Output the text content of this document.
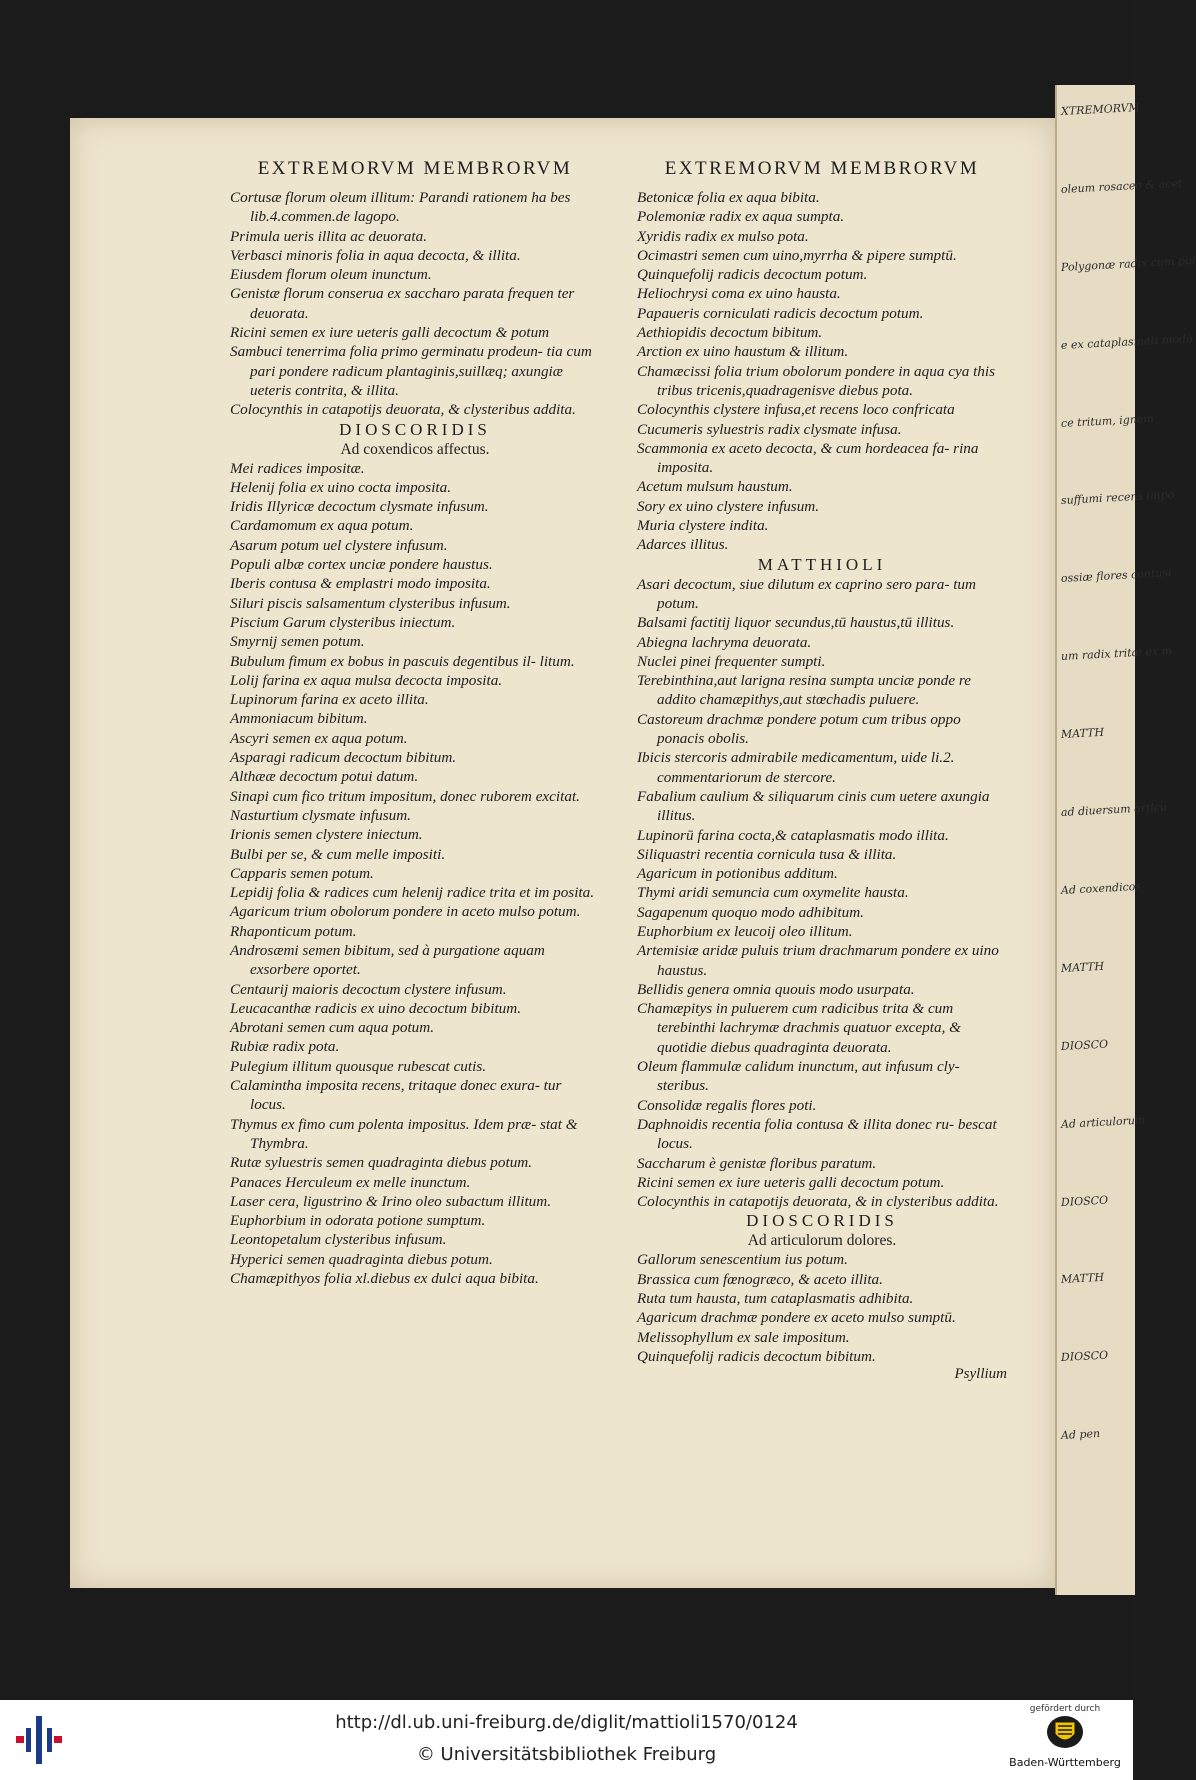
EXTREMORVM MEMBRORVM
Cortusæ florum oleum illitum: Parandi rationem ha bes lib.4.commen.de lagopo.
Primula ueris illita ac deuorata.
Verbasci minoris folia in aqua decocta, & illita.
Eiusdem florum oleum inunctum.
Genistæ florum conserua ex saccharo parata frequen ter deuorata.
Ricini semen ex iure ueteris galli decoctum & potum
Sambuci tenerrima folia primo germinatu prodeun- tia cum pari pondere radicum plantaginis,suillæq; axungiæ ueteris contrita, & illita.
Colocynthis in catapotijs deuorata, & clysteribus addita.
DIOSCORIDIS
Ad coxendicos affectus.
Mei radices impositæ.
Helenij folia ex uino cocta imposita.
Iridis Illyricæ decoctum clysmate infusum.
Cardamomum ex aqua potum.
Asarum potum uel clystere infusum.
Populi albæ cortex unciæ pondere haustus.
Iberis contusa & emplastri modo imposita.
Siluri piscis salsamentum clysteribus infusum.
Piscium Garum clysteribus iniectum.
Smyrnij semen potum.
Bubulum fimum ex bobus in pascuis degentibus il- litum.
Lolij farina ex aqua mulsa decocta imposita.
Lupinorum farina ex aceto illita.
Ammoniacum bibitum.
Ascyri semen ex aqua potum.
Asparagi radicum decoctum bibitum.
Althææ decoctum potui datum.
Sinapi cum fico tritum impositum, donec ruborem excitat.
Nasturtium clysmate infusum.
Irionis semen clystere iniectum.
Bulbi per se, & cum melle impositi.
Capparis semen potum.
Lepidij folia & radices cum helenij radice trita et im posita.
Agaricum trium obolorum pondere in aceto mulso potum.
Rhaponticum potum.
Androsæmi semen bibitum, sed à purgatione aquam exsorbere oportet.
Centaurij maioris decoctum clystere infusum.
Leucacanthæ radicis ex uino decoctum bibitum.
Abrotani semen cum aqua potum.
Rubiæ radix pota.
Pulegium illitum quousque rubescat cutis.
Calamintha imposita recens, tritaque donec exura- tur locus.
Thymus ex fimo cum polenta impositus. Idem præ- stat & Thymbra.
Rutæ syluestris semen quadraginta diebus potum.
Panaces Herculeum ex melle inunctum.
Laser cera, ligustrino & Irino oleo subactum illitum.
Euphorbium in odorata potione sumptum.
Leontopetalum clysteribus infusum.
Hyperici semen quadraginta diebus potum.
Chamæpithyos folia xl.diebus ex dulci aqua bibita.
EXTREMORVM MEMBRORVM
Betonicæ folia ex aqua bibita.
Polemoniæ radix ex aqua sumpta.
Xyridis radix ex mulso pota.
Ocimastri semen cum uino,myrrha & pipere sumptū.
Quinquefolij radicis decoctum potum.
Heliochrysi coma ex uino hausta.
Papaueris corniculati radicis decoctum potum.
Aethiopidis decoctum bibitum.
Arction ex uino haustum & illitum.
Chamæcissi folia trium obolorum pondere in aqua cya this tribus tricenis,quadragenisve diebus pota.
Colocynthis clystere infusa,et recens loco confricata
Cucumeris syluestris radix clysmate infusa.
Scammonia ex aceto decocta, & cum hordeacea fa- rina imposita.
Acetum mulsum haustum.
Sory ex uino clystere infusum.
Muria clystere indita.
Adarces illitus.
MATTHIOLI
Asari decoctum, siue dilutum ex caprino sero para- tum potum.
Balsami factitij liquor secundus,tū haustus,tū illitus.
Abiegna lachryma deuorata.
Nuclei pinei frequenter sumpti.
Terebinthina,aut larigna resina sumpta unciæ ponde re addito chamæpithys,aut stœchadis puluere.
Castoreum drachmæ pondere potum cum tribus oppo ponacis obolis.
Ibicis stercoris admirabile medicamentum, uide li.2. commentariorum de stercore.
Fabalium caulium & siliquarum cinis cum uetere axungia illitus.
Lupinorū farina cocta,& cataplasmatis modo illita.
Siliquastri recentia cornicula tusa & illita.
Agaricum in potionibus additum.
Thymi aridi semuncia cum oxymelite hausta.
Sagapenum quoquo modo adhibitum.
Euphorbium ex leucoij oleo illitum.
Artemisiæ aridæ puluis trium drachmarum pondere ex uino haustus.
Bellidis genera omnia quouis modo usurpata.
Chamæpitys in puluerem cum radicibus trita & cum terebinthi lachrymæ drachmis quatuor excepta, & quotidie diebus quadraginta deuorata.
Oleum flammulæ calidum inunctum, aut infusum cly- steribus.
Consolidæ regalis flores poti.
Daphnoidis recentia folia contusa & illita donec ru- bescat locus.
Saccharum è genistæ floribus paratum.
Ricini semen ex iure ueteris galli decoctum potum.
Colocynthis in catapotijs deuorata, & in clysteribus addita.
DIOSCORIDIS
Ad articulorum dolores.
Gallorum senescentium ius potum.
Brassica cum fœnogræco, & aceto illita.
Ruta tum hausta, tum cataplasmatis adhibita.
Agaricum drachmæ pondere ex aceto mulso sumptū.
Melissophyllum ex sale impositum.
Quinquefolij radicis decoctum bibitum.
Psyllium
XTREMORVM
oleum rosaceo & acet
Polygonæ radix cum pul
e ex cataplasmati modo
ce tritum, ignem
suffumi recens impo
ossiæ flores contusi
um radix tritæ ex m
MATTH
ad diuersum articu
Ad coxendicos
MATTH
DIOSCO
Ad articulorum
DIOSCO
MATTH
DIOSCO
Ad pen
http://dl.ub.uni-freiburg.de/diglit/mattioli1570/0124
© Universitätsbibliothek Freiburg
gefördert durch
Baden-Württemberg
